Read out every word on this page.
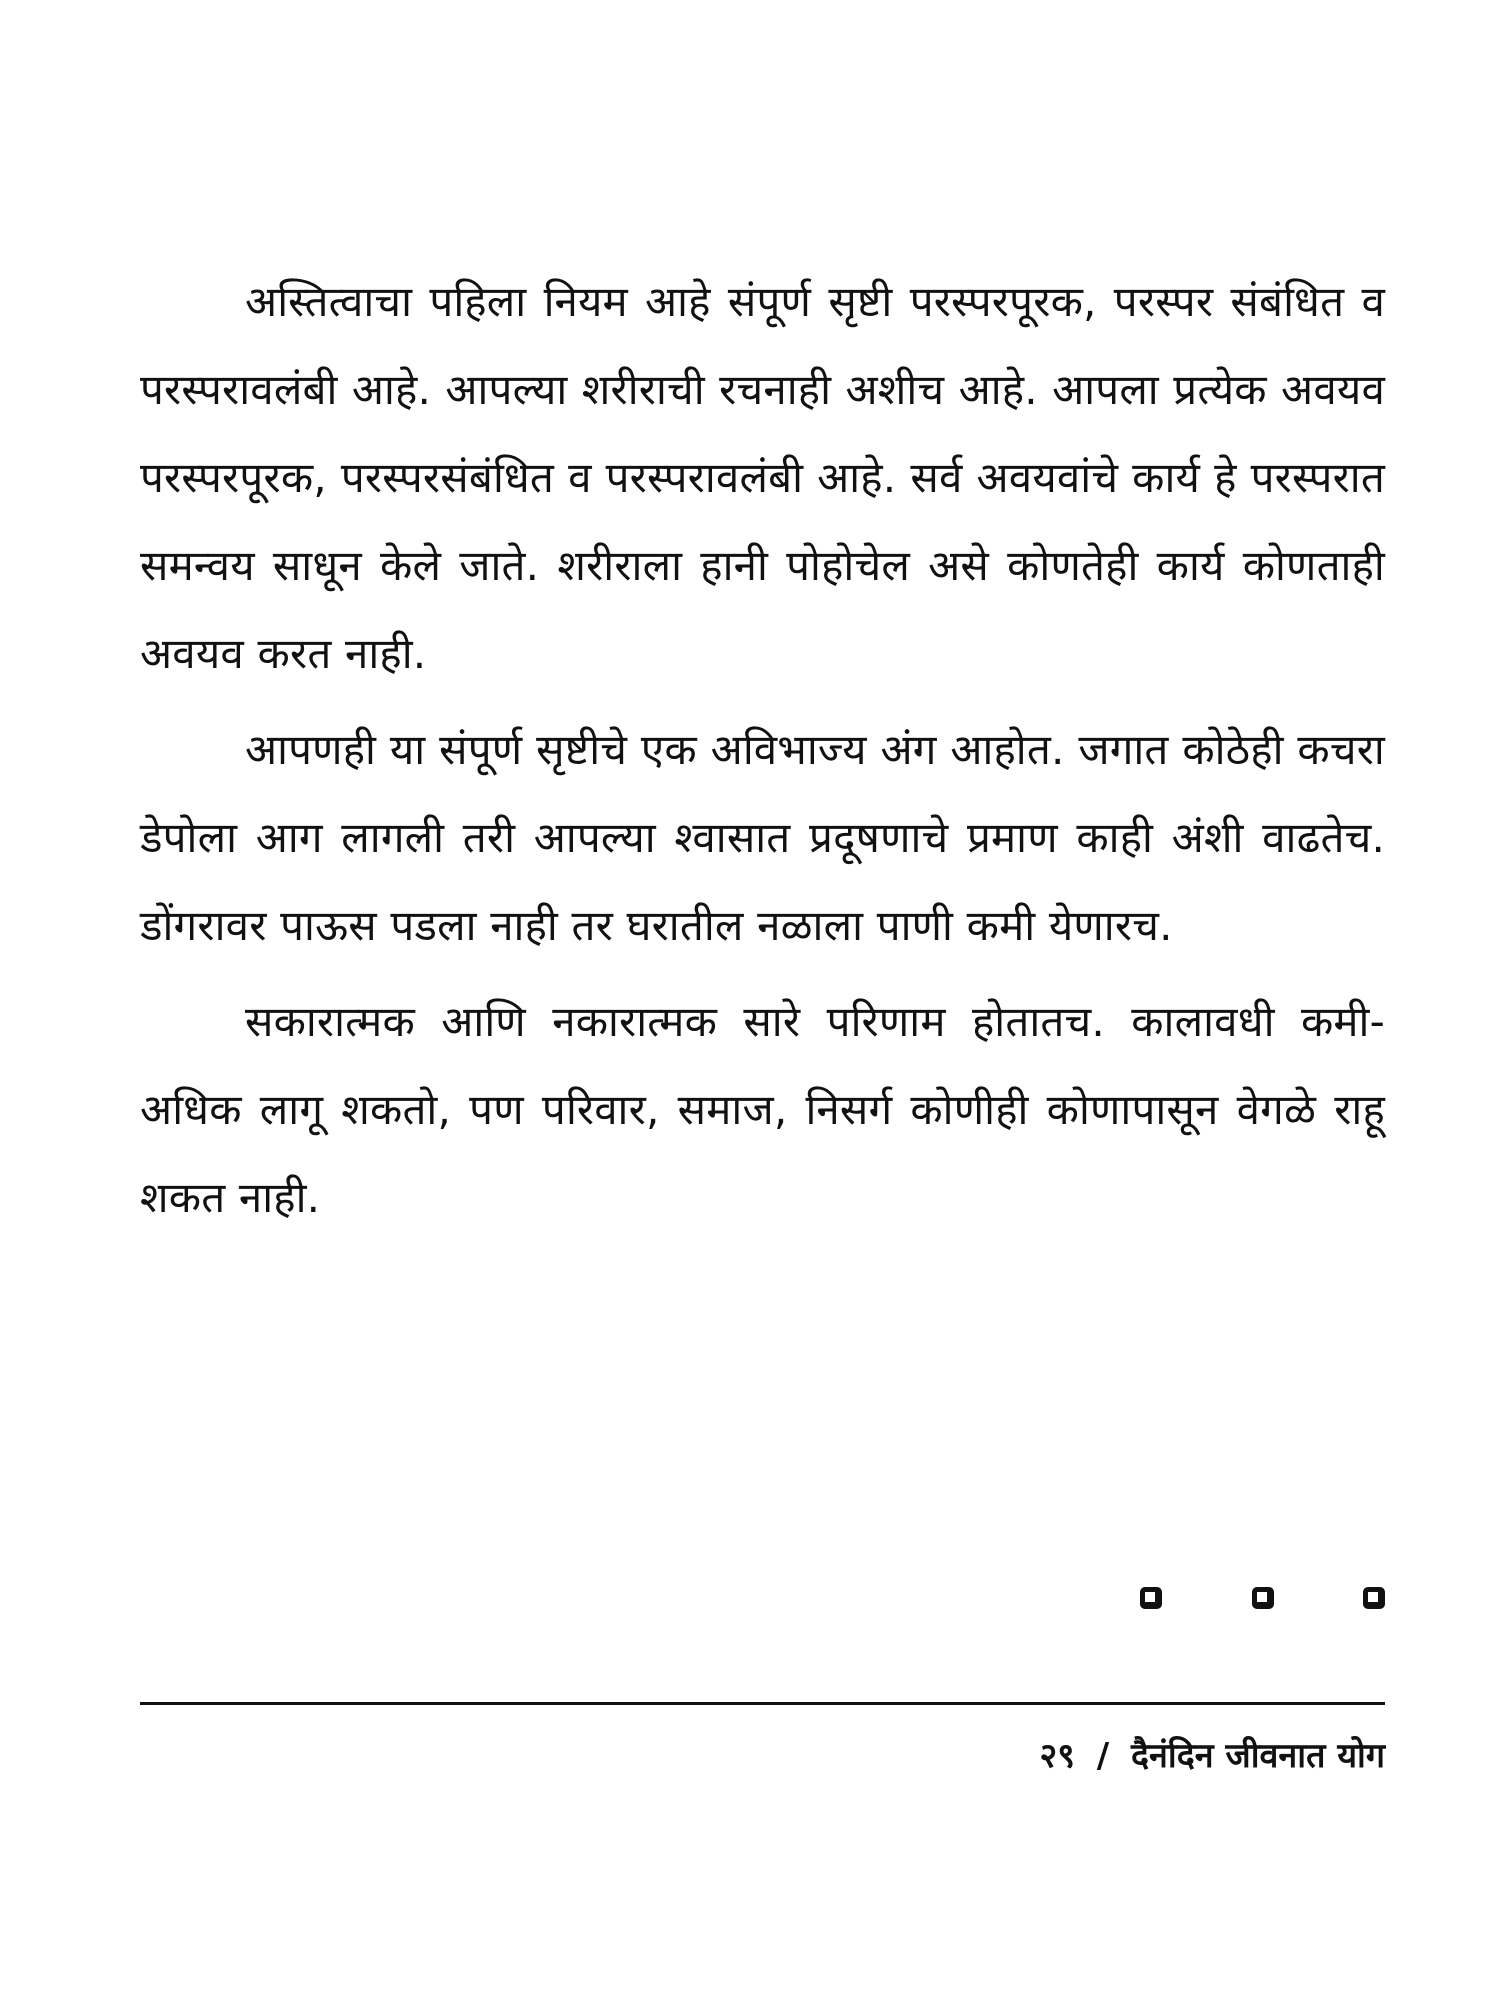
अस्तित्वाचा पहिला नियम आहे संपूर्ण सृष्टी परस्परपूरक, परस्पर संबंधित व परस्परावलंबी आहे. आपल्या शरीराची रचनाही अशीच आहे. आपला प्रत्येक अवयव परस्परपूरक, परस्परसंबंधित व परस्परावलंबी आहे. सर्व अवयवांचे कार्य हे परस्परात समन्वय साधून केले जाते. शरीराला हानी पोहोचेल असे कोणतेही कार्य कोणताही अवयव करत नाही.

आपणही या संपूर्ण सृष्टीचे एक अविभाज्य अंग आहोत. जगात कोठेही कचरा डेपोला आग लागली तरी आपल्या श्वासात प्रदूषणाचे प्रमाण काही अंशी वाढतेच. डोंगरावर पाऊस पडला नाही तर घरातील नळाला पाणी कमी येणारच.

सकारात्मक आणि नकारात्मक सारे परिणाम होतातच. कालावधी कमी-अधिक लागू शकतो, पण परिवार, समाज, निसर्ग कोणीही कोणापासून वेगळे राहू शकत नाही.

२९ / दैनंदिन जीवनात योग
